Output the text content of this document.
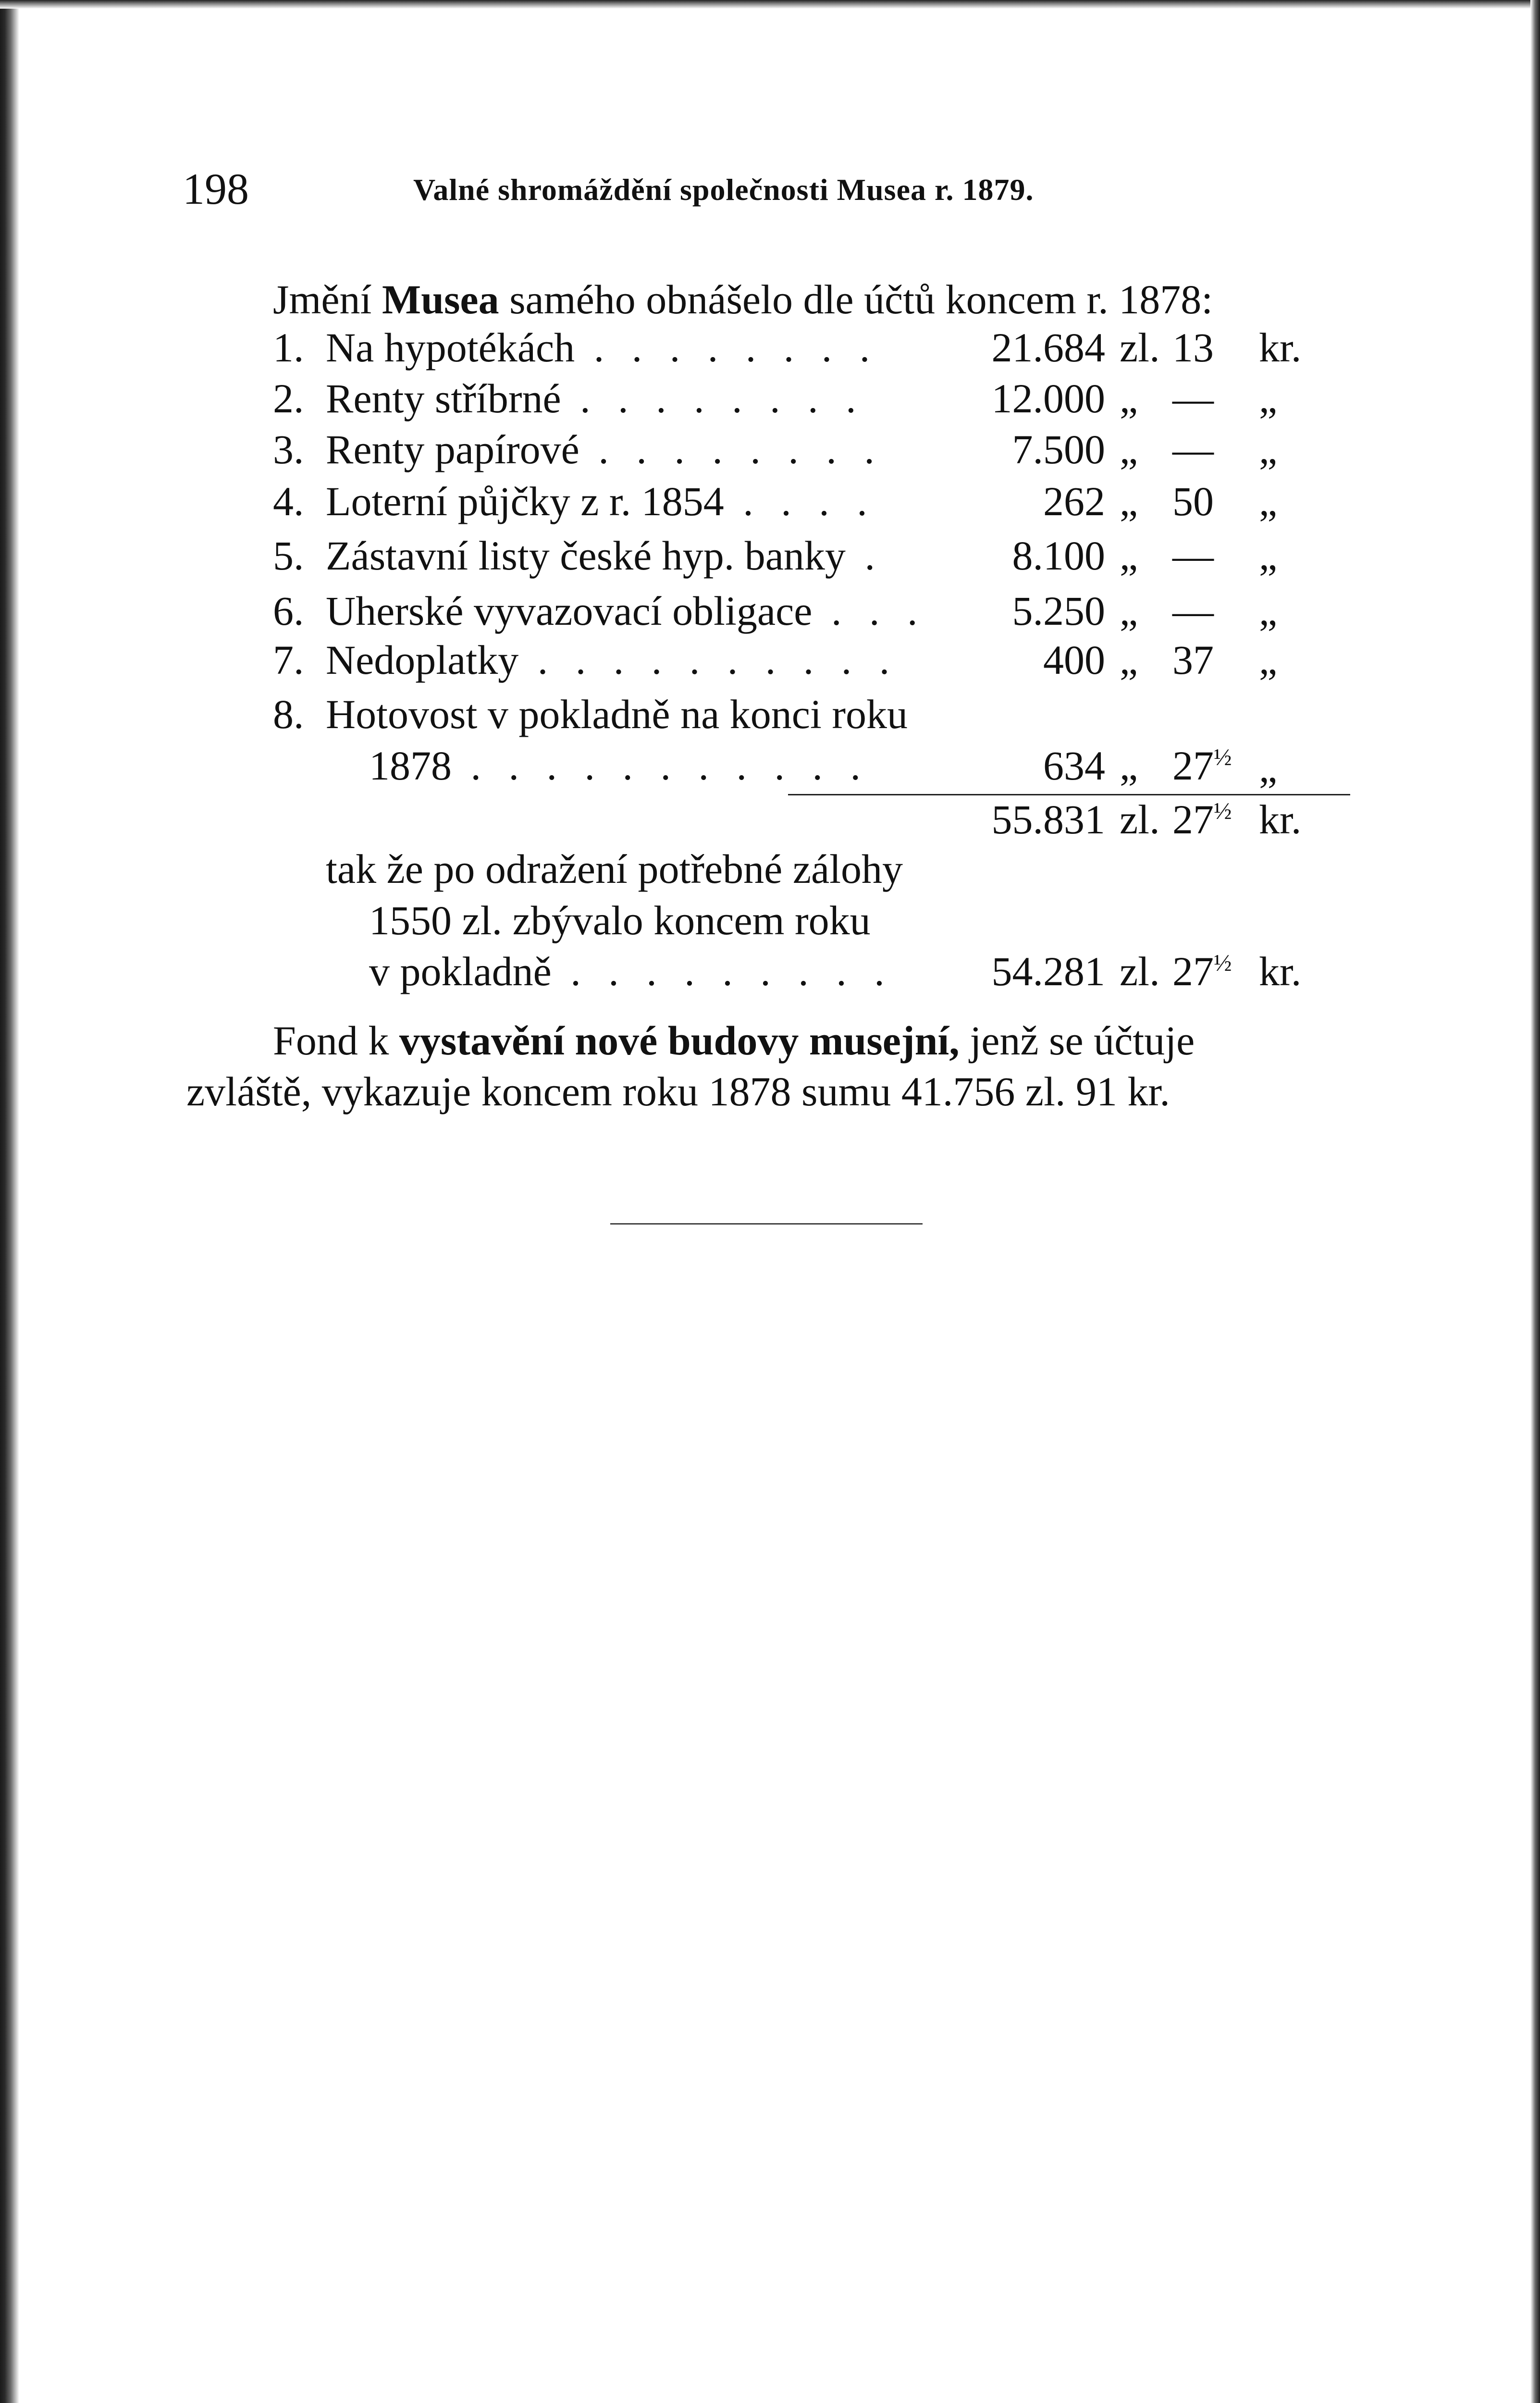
198	Valné shromáždění společnosti Musea r. 1879.
Jmění Musea samého obnášelo dle účtů koncem r. 1878:
1. Na hypotékách . . . . . . . .	21.684 zl. 13 kr.
2. Renty stříbrné . . . . . . . .	12.000 „ — „
3. Renty papírové . . . . . . . .	7.500 „ — „
4. Loterní půjčky z r. 1854 . . . .	262 „ 50 „
5. Zástavní listy české hyp. banky .	8.100 „ — „
6. Uherské vyvazovací obligace . . .	5.250 „ — „
7. Nedoplatky . . . . . . . . . .	400 „ 37 „
8. Hotovost v pokladně na konci roku
1878 . . . . . . . . . . .	634 „ $27^{\frac{1}{2}}$ „
55.831 zl. $27^{\frac{1}{2}}$ kr.
tak že po odražení potřebné zálohy
1550 zl. zbývalo koncem roku
v pokladně . . . . . . . . .	54.281 zl. $27^{\frac{1}{2}}$ kr.
Fond k vystavění nové budovy musejní, jenž se účtuje
zvláště, vykazuje koncem roku 1878 sumu 41.756 zl. 91 kr.
